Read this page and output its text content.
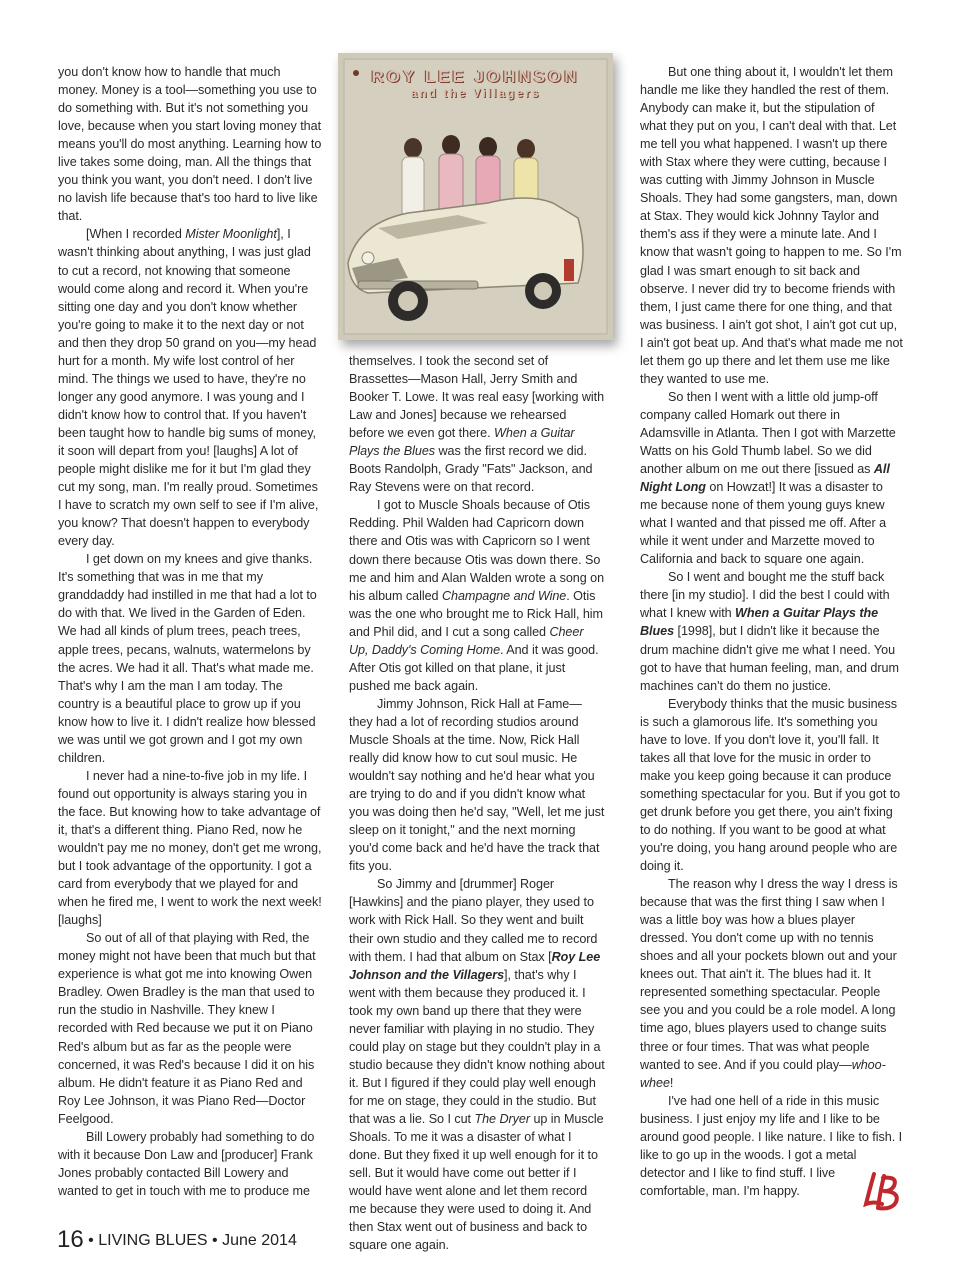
you don't know how to handle that much money. Money is a tool—something you use to do something with. But it's not something you love, because when you start loving money that means you'll do most anything. Learning how to live takes some doing, man. All the things that you think you want, you don't need. I don't live no lavish life because that's too hard to live like that.

[When I recorded Mister Moonlight], I wasn't thinking about anything, I was just glad to cut a record, not knowing that someone would come along and record it. When you're sitting one day and you don't know whether you're going to make it to the next day or not and then they drop 50 grand on you—my head hurt for a month. My wife lost control of her mind. The things we used to have, they're no longer any good anymore. I was young and I didn't know how to control that. If you haven't been taught how to handle big sums of money, it soon will depart from you! [laughs] A lot of people might dislike me for it but I'm glad they cut my song, man. I'm really proud. Sometimes I have to scratch my own self to see if I'm alive, you know? That doesn't happen to everybody every day.

I get down on my knees and give thanks. It's something that was in me that my granddaddy had instilled in me that had a lot to do with that. We lived in the Garden of Eden. We had all kinds of plum trees, peach trees, apple trees, pecans, walnuts, watermelons by the acres. We had it all. That's what made me. That's why I am the man I am today. The country is a beautiful place to grow up if you know how to live it. I didn't realize how blessed we was until we got grown and I got my own children.

I never had a nine-to-five job in my life. I found out opportunity is always staring you in the face. But knowing how to take advantage of it, that's a different thing. Piano Red, now he wouldn't pay me no money, don't get me wrong, but I took advantage of the opportunity. I got a card from everybody that we played for and when he fired me, I went to work the next week! [laughs]

So out of all of that playing with Red, the money might not have been that much but that experience is what got me into knowing Owen Bradley. Owen Bradley is the man that used to run the studio in Nashville. They knew I recorded with Red because we put it on Piano Red's album but as far as the people were concerned, it was Red's because I did it on his album. He didn't feature it as Piano Red and Roy Lee Johnson, it was Piano Red—Doctor Feelgood.

Bill Lowery probably had something to do with it because Don Law and [producer] Frank Jones probably contacted Bill Lowery and wanted to get in touch with me to produce me

ROY LEE JOHNSON
and the Villagers

themselves. I took the second set of Brassettes—Mason Hall, Jerry Smith and Booker T. Lowe. It was real easy [working with Law and Jones] because we rehearsed before we even got there. When a Guitar Plays the Blues was the first record we did. Boots Randolph, Grady "Fats" Jackson, and Ray Stevens were on that record.

I got to Muscle Shoals because of Otis Redding. Phil Walden had Capricorn down there and Otis was with Capricorn so I went down there because Otis was down there. So me and him and Alan Walden wrote a song on his album called Champagne and Wine. Otis was the one who brought me to Rick Hall, him and Phil did, and I cut a song called Cheer Up, Daddy's Coming Home. And it was good. After Otis got killed on that plane, it just pushed me back again.

Jimmy Johnson, Rick Hall at Fame—they had a lot of recording studios around Muscle Shoals at the time. Now, Rick Hall really did know how to cut soul music. He wouldn't say nothing and he'd hear what you are trying to do and if you didn't know what you was doing then he'd say, "Well, let me just sleep on it tonight," and the next morning you'd come back and he'd have the track that fits you.

So Jimmy and [drummer] Roger [Hawkins] and the piano player, they used to work with Rick Hall. So they went and built their own studio and they called me to record with them. I had that album on Stax [Roy Lee Johnson and the Villagers], that's why I went with them because they produced it. I took my own band up there that they were never familiar with playing in no studio. They could play on stage but they couldn't play in a studio because they didn't know nothing about it. But I figured if they could play well enough for me on stage, they could in the studio. But that was a lie. So I cut The Dryer up in Muscle Shoals. To me it was a disaster of what I done. But they fixed it up well enough for it to sell. But it would have come out better if I would have went alone and let them record me because they were used to doing it. And then Stax went out of business and back to square one again.

But one thing about it, I wouldn't let them handle me like they handled the rest of them. Anybody can make it, but the stipulation of what they put on you, I can't deal with that. Let me tell you what happened. I wasn't up there with Stax where they were cutting, because I was cutting with Jimmy Johnson in Muscle Shoals. They had some gangsters, man, down at Stax. They would kick Johnny Taylor and them's ass if they were a minute late. And I know that wasn't going to happen to me. So I'm glad I was smart enough to sit back and observe. I never did try to become friends with them, I just came there for one thing, and that was business. I ain't got shot, I ain't got cut up, I ain't got beat up. And that's what made me not let them go up there and let them use me like they wanted to use me.

So then I went with a little old jump-off company called Homark out there in Adamsville in Atlanta. Then I got with Marzette Watts on his Gold Thumb label. So we did another album on me out there [issued as All Night Long on Howzat!] It was a disaster to me because none of them young guys knew what I wanted and that pissed me off. After a while it went under and Marzette moved to California and back to square one again.

So I went and bought me the stuff back there [in my studio]. I did the best I could with what I knew with When a Guitar Plays the Blues [1998], but I didn't like it because the drum machine didn't give me what I need. You got to have that human feeling, man, and drum machines can't do them no justice.

Everybody thinks that the music business is such a glamorous life. It's something you have to love. If you don't love it, you'll fall. It takes all that love for the music in order to make you keep going because it can produce something spectacular for you. But if you got to get drunk before you get there, you ain't fixing to do nothing. If you want to be good at what you're doing, you hang around people who are doing it.

The reason why I dress the way I dress is because that was the first thing I saw when I was a little boy was how a blues player dressed. You don't come up with no tennis shoes and all your pockets blown out and your knees out. That ain't it. The blues had it. It represented something spectacular. People see you and you could be a role model. A long time ago, blues players used to change suits three or four times. That was what people wanted to see. And if you could play—whoo-whee!

I've had one hell of a ride in this music business. I just enjoy my life and I like to be around good people. I like nature. I like to fish. I like to go up in the woods. I got a metal detector and I like to find stuff. I live comfortable, man. I'm happy.

16 • LIVING BLUES • June 2014
